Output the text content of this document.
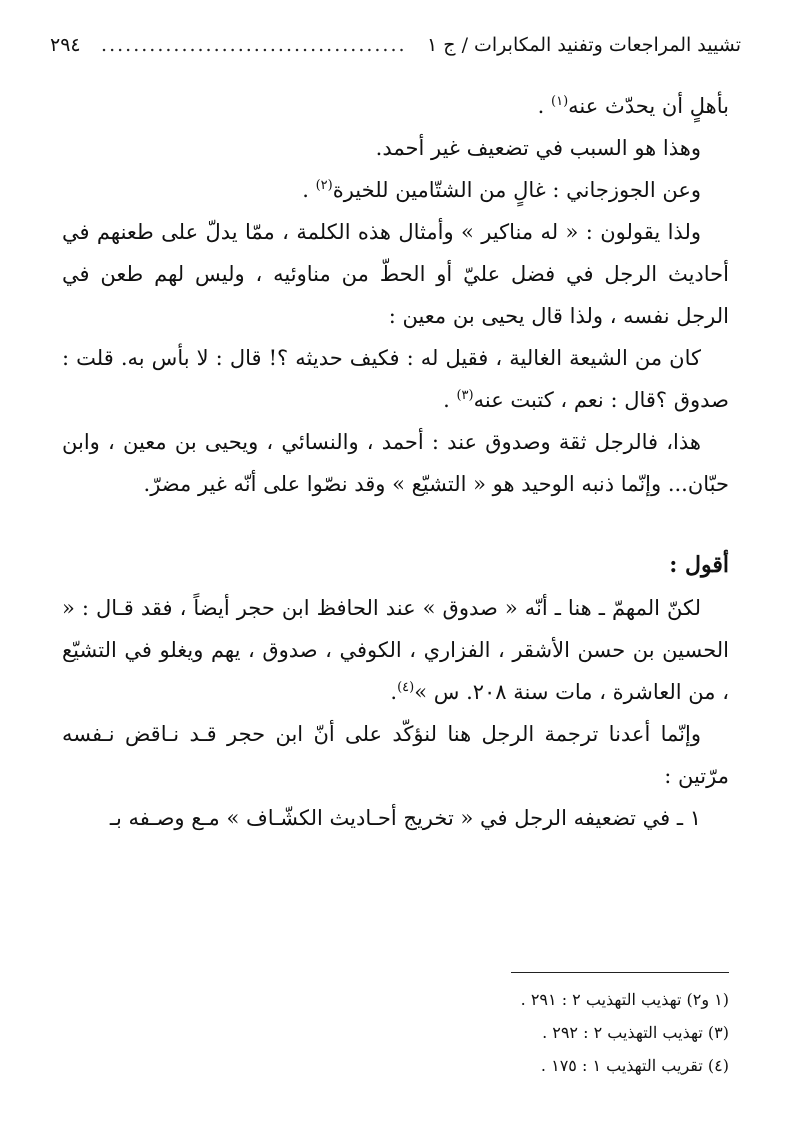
تشييد المراجعات وتفنيد المكابرات / ج ١
......................................
٢٩٤

بأهلٍ أن يحدّث عنه$^{(١)}$ .

وهذا هو السبب في تضعيف غير أحمد.

وعن الجوزجاني : غالٍ من الشتّامين للخيرة$^{(٢)}$ .

ولذا يقولون : « له مناكير » وأمثال هذه الكلمة ، ممّا يدلّ على طعنهم في أحاديث الرجل في فضل عليّ أو الحطّ من مناوئيه ، وليس لهم طعن في الرجل نفسه ، ولذا قال يحيى بن معين :

كان من الشيعة الغالية ، فقيل له : فكيف حديثه ؟! قال : لا بأس به. قلت : صدوق ؟قال : نعم ، كتبت عنه$^{(٣)}$ .

هذا، فالرجل ثقة وصدوق عند : أحمد ، والنسائي ، ويحيى بن معين ، وابن حبّان... وإنّما ذنبه الوحيد هو « التشيّع » وقد نصّوا على أنّه غير مضرّ.

أقول :

لكنّ المهمّ ـ هنا ـ أنّه « صدوق » عند الحافظ ابن حجر أيضاً ، فقد قـال : « الحسين بن حسن الأشقر ، الفزاري ، الكوفي ، صدوق ، يهم ويغلو في التشيّع ، من العاشرة ، مات سنة ٢٠٨. س »$^{(٤)}$.

وإنّما أعدنا ترجمة الرجل هنا لنؤكّد على أنّ ابن حجر قـد نـاقض نـفسه مرّتين :

١ ـ في تضعيفه الرجل في « تخريج أحـاديث الكشّـاف » مـع وصـفه بـ

(١ و٢) تهذيب التهذيب ٢ : ٢٩١ .
(٣) تهذيب التهذيب ٢ : ٢٩٢ .
(٤) تقريب التهذيب ١ : ١٧٥ .
